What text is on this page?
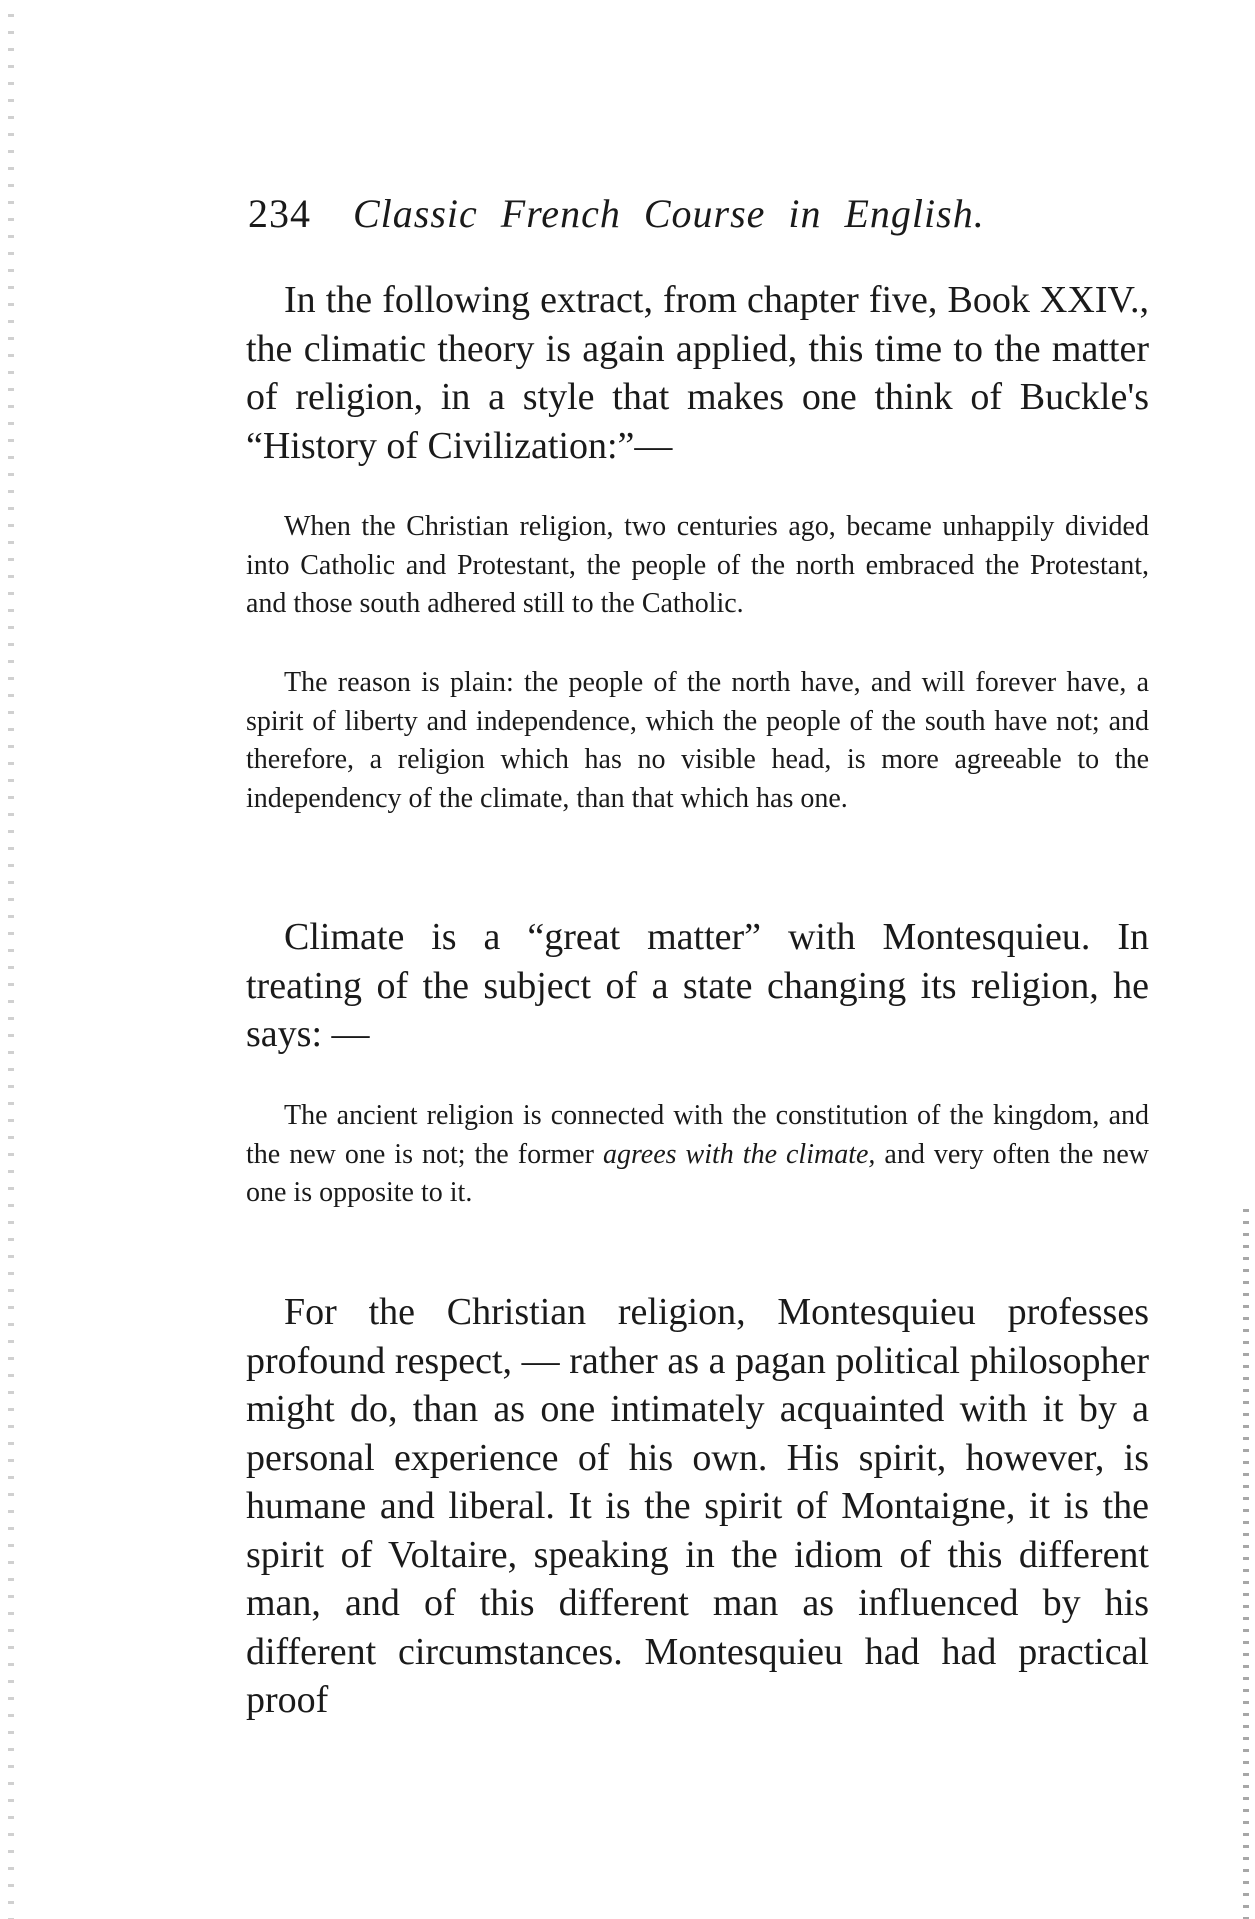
234 Classic French Course in English.

In the following extract, from chapter five, Book XXIV., the climatic theory is again applied, this time to the matter of religion, in a style that makes one think of Buckle's “History of Civilization:”—

When the Christian religion, two centuries ago, became unhappily divided into Catholic and Protestant, the people of the north embraced the Protestant, and those south adhered still to the Catholic.

The reason is plain: the people of the north have, and will forever have, a spirit of liberty and independence, which the people of the south have not; and therefore, a religion which has no visible head, is more agreeable to the independency of the climate, than that which has one.

Climate is a “great matter” with Montesquieu. In treating of the subject of a state changing its religion, he says: —

The ancient religion is connected with the constitution of the kingdom, and the new one is not; the former agrees with the climate, and very often the new one is opposite to it.

For the Christian religion, Montesquieu professes profound respect, — rather as a pagan political philosopher might do, than as one intimately acquainted with it by a personal experience of his own. His spirit, however, is humane and liberal. It is the spirit of Montaigne, it is the spirit of Voltaire, speaking in the idiom of this different man, and of this different man as influenced by his different circumstances. Montesquieu had had practical proof
